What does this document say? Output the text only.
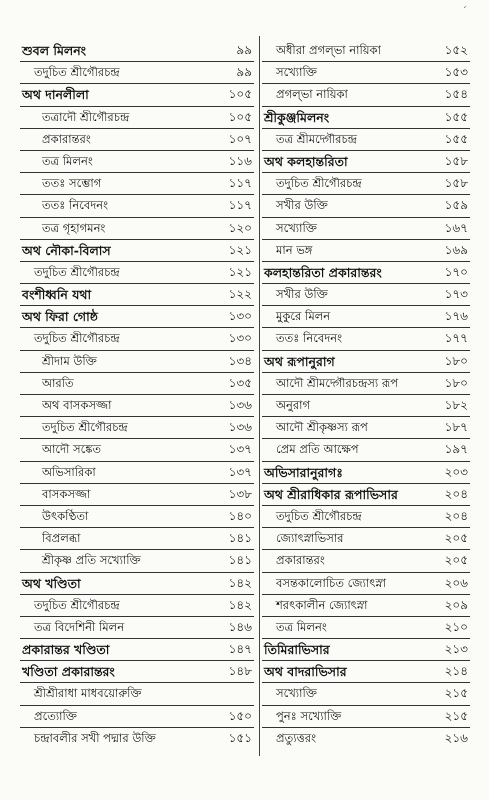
ˊ
শুবল মিলনং	৯৯
তদুচিত শ্রীগৌরচন্দ্র	৯৯
অথ দানলীলা	১০৫
তত্রাদৌ শ্রীগৌরচন্দ্র	১০৫
প্রকারান্তরং	১০৭
তত্র মিলনং	১১৬
ততঃ সম্ভোগ	১১৭
ততঃ নিবেদনং	১১৭
তত্র গৃহাগমনং	১২০
অথ নৌকা-বিলাস	১২১
তদুচিত শ্রীগৌরচন্দ্র	১২১
বংশীধ্বনি যথা	১২২
অথ ফিরা গোষ্ঠ	১৩০
তদুচিত শ্রীগৌরচন্দ্র	১৩০
শ্রীদাম উক্তি	১৩৪
আরতি	১৩৫
অথ বাসকসজ্জা	১৩৬
তদুচিত শ্রীগৌরচন্দ্র	১৩৬
আদৌ সঙ্কেত	১৩৭
অভিসারিকা	১৩৭
বাসকসজ্জা	১৩৮
উৎকণ্ঠিতা	১৪০
বিপ্রলব্ধা	১৪১
শ্রীকৃষ্ণ প্রতি সখ্যোক্তি	১৪১
অথ খণ্ডিতা	১৪২
তদুচিত শ্রীগৌরচন্দ্র	১৪২
তত্র বিদেশিনী মিলন	১৪৬
প্রকারান্তর খণ্ডিতা	১৪৭
খণ্ডিতা প্রকারান্তরং	১৪৮
শ্রীশ্রীরাধা মাধবয়োরুক্তি
প্রত্যোক্তি	১৫০
চন্দ্রাবলীর সখী পদ্মার উক্তি	১৫১
অধীরা প্রগল্‌ভা নায়িকা	১৫২
সখ্যোক্তি	১৫৩
প্রগল্‌ভা নায়িকা	১৫৪
শ্রীকুঞ্জমিলনং	১৫৫
তত্র শ্রীমদ্গৌরচন্দ্র	১৫৫
অথ কলহান্তরিতা	১৫৮
তদুচিত শ্রীগৌরচন্দ্র	১৫৮
সখীর উক্তি	১৫৯
সখ্যোক্তি	১৬৭
মান ভঙ্গ	১৬৯
কলহান্তরিতা প্রকারান্তরং	১৭০
সখীর উক্তি	১৭৩
মুকুরে মিলন	১৭৬
ততঃ নিবেদনং	১৭৭
অথ রূপানুরাগ	১৮০
আদৌ শ্রীমদ্গৌরচন্দ্রস্য রূপ	১৮০
অনুরাগ	১৮২
আদৌ শ্রীকৃষ্ণস্য রূপ	১৮৭
প্রেম প্রতি আক্ষেপ	১৯৭
অভিসারানুরাগঃ	২০৩
অথ শ্রীরাধিকার রূপাভিসার	২০৪
তদুচিত শ্রীগৌরচন্দ্র	২০৪
জ্যোৎস্নাভিসার	২০৫
প্রকারান্তরং	২০৫
বসন্তকালোচিত জ্যোৎস্না	২০৬
শরৎকালীন জ্যোৎস্না	২০৯
তত্র মিলনং	২১০
তিমিরাভিসার	২১৩
অথ বাদরাভিসার	২১৪
সখ্যোক্তি	২১৫
পুনঃ সখ্যোক্তি	২১৫
প্রত্যুত্তরং	২১৬
